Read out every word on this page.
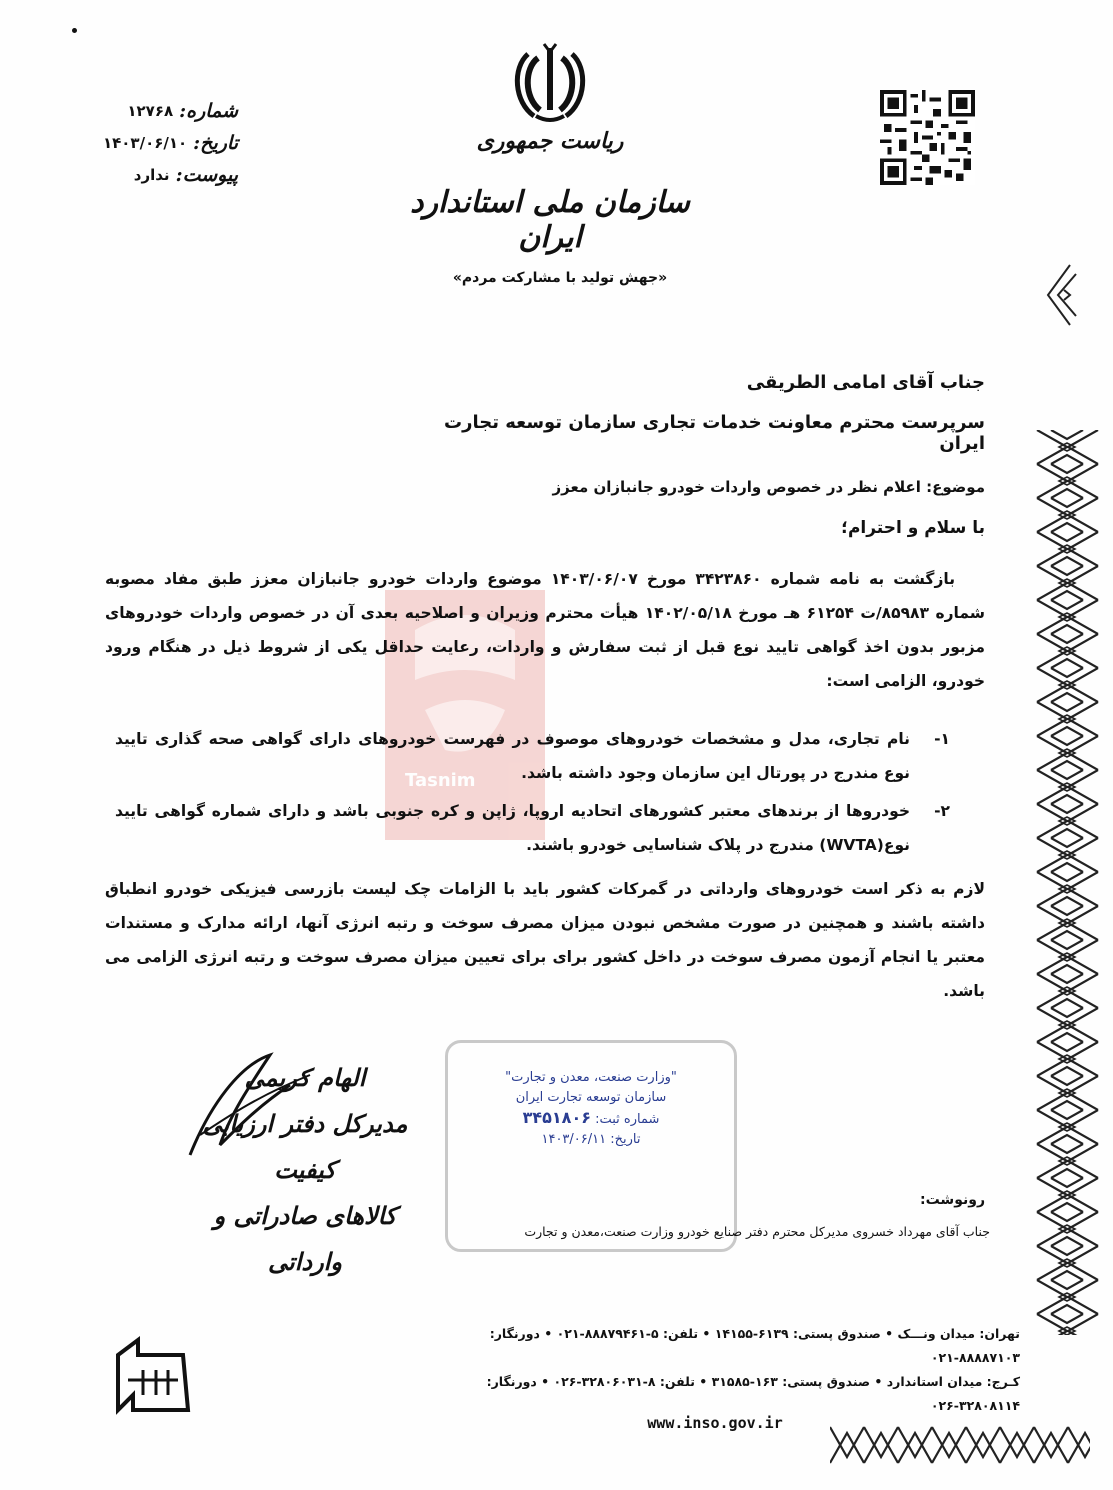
شماره:
۱۲۷۶۸
تاریخ:
۱۴۰۳/۰۶/۱۰
پیوست:
ندارد
ریاست جمهوری
سازمان ملی استاندارد ایران
«جهش تولید با مشارکت مردم»
Tasnim
جناب آقای امامی الطریقی
سرپرست محترم معاونت خدمات تجاری سازمان توسعه تجارت ایران
موضوع: اعلام نظر در خصوص واردات خودرو جانبازان معزز
با سلام و احترام؛

بازگشت به نامه شماره ۳۴۲۳۸۶۰ مورخ ۱۴۰۳/۰۶/۰۷ موضوع واردات خودرو جانبازان معزز طبق مفاد مصوبه شماره ۸۵۹۸۳/ت ۶۱۲۵۴ هـ مورخ ۱۴۰۲/۰۵/۱۸ هیأت محترم وزیران و اصلاحیه بعدی آن در خصوص واردات خودروهای مزبور بدون اخذ گواهی تایید نوع قبل از ثبت سفارش و واردات، رعایت حداقل یکی از شروط ذیل در هنگام ورود خودرو، الزامی است:

۱-
نام تجاری، مدل و مشخصات خودروهای موصوف در فهرست خودروهای دارای گواهی صحه گذاری تایید نوع مندرج در پورتال این سازمان وجود داشته باشد.
۲-
خودروها از برندهای معتبر کشورهای اتحادیه اروپا، ژاپن و کره جنوبی باشد و دارای شماره گواهی تایید نوع(WVTA) مندرج در پلاک شناسایی خودرو باشند.

لازم به ذکر است خودروهای وارداتی در گمرکات کشور باید با الزامات چک لیست بازرسی فیزیکی خودرو انطباق داشته باشند و همچنین در صورت مشخص نبودن میزان مصرف سوخت و رتبه انرژی آنها، ارائه مدارک و مستندات معتبر یا انجام آزمون مصرف سوخت در داخل کشور برای برای تعیین میزان مصرف سوخت و رتبه انرژی الزامی می باشد.

الهام کریمی
مدیرکل دفتر ارزیابی کیفیت
کالاهای صادراتی و وارداتی
"وزارت صنعت، معدن و تجارت"
سازمان توسعه تجارت ایران
شماره ثبت: ۳۴۵۱۸۰۶
تاریخ: ۱۴۰۳/۰۶/۱۱
رونوشت:
جناب آقای مهرداد خسروی مدیرکل محترم دفتر صنایع خودرو وزارت صنعت،معدن و تجارت
تهران: میدان ونـــک • صندوق پستی: ۶۱۳۹-۱۴۱۵۵ • تلفن: ۵-۸۸۸۷۹۴۶۱-۰۲۱ • دورنگار: ۸۸۸۸۷۱۰۳-۰۲۱
کـرج: میدان استاندارد • صندوق پستی: ۱۶۳-۳۱۵۸۵ • تلفن: ۸-۳۲۸۰۶۰۳۱-۰۲۶ • دورنگار: ۳۲۸۰۸۱۱۴-۰۲۶
www.inso.gov.ir
